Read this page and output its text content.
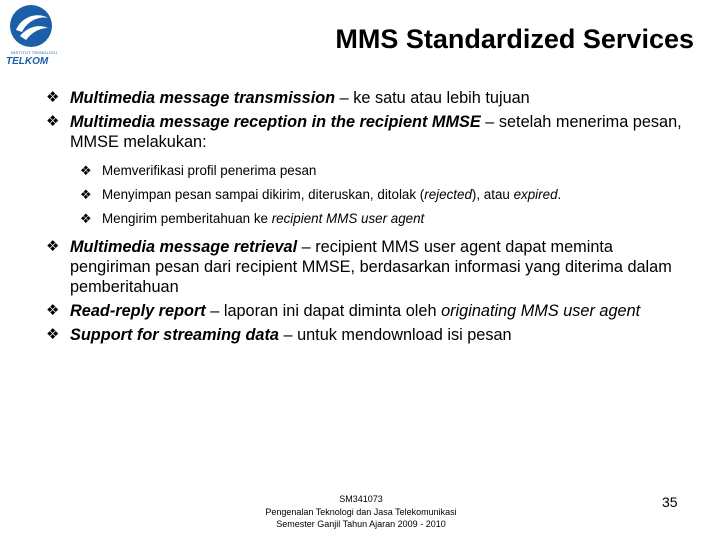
INSTITUT TEKNOLOGI
TELKOM
MMS Standardized Services
❖ Multimedia message transmission – ke satu atau lebih tujuan
❖ Multimedia message reception in the recipient MMSE – setelah menerima pesan, MMSE melakukan:
❖ Memverifikasi profil penerima pesan
❖ Menyimpan pesan sampai dikirim, diteruskan, ditolak (rejected), atau expired.
❖ Mengirim pemberitahuan ke recipient MMS user agent
❖ Multimedia message retrieval – recipient MMS user agent dapat meminta pengiriman pesan dari recipient MMSE, berdasarkan informasi yang diterima dalam pemberitahuan
❖ Read-reply report – laporan ini dapat diminta oleh originating MMS user agent
❖ Support for streaming data – untuk mendownload isi pesan
SM341073
Pengenalan Teknologi dan Jasa Telekomunikasi
Semester Ganjil Tahun Ajaran 2009 - 2010
35
